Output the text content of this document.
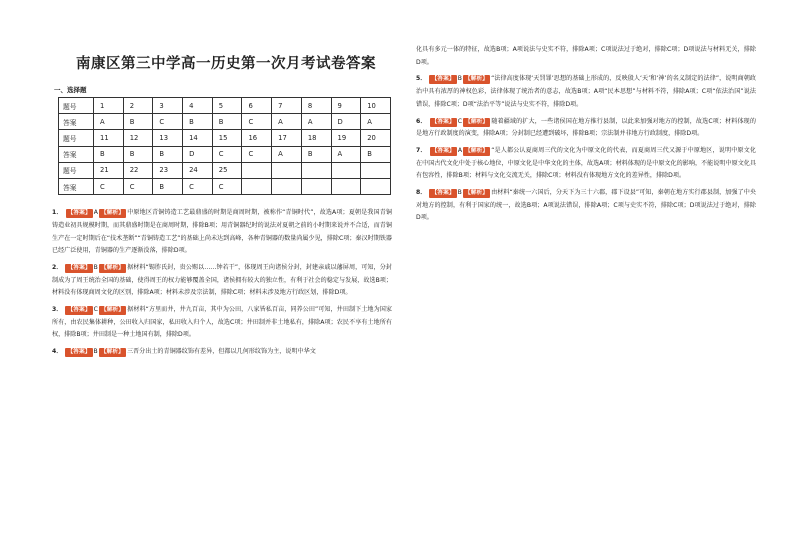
南康区第三中学高一历史第一次月考试卷答案
一、选择题
题号	1	2	3	4	5	6	7	8	9	10
答案	A	B	C	B	B	C	A	A	D	A
题号	11	12	13	14	15	16	17	18	19	20
答案	B	B	B	D	C	C	A	B	A	B
题号	21	22	23	24	25					
答案	C	C	B	C	C					
1． 【答案】 A 【解析】 中原地区青铜铸造工艺最鼎盛的时期是商周时期，被称作“青铜时代”，故选A项；夏朝是我国青铜铸造业初具规模时期，而其鼎盛时期是在商周时期，排除B项；用青铜器纪时的说法对夏朝之前的小时期来说并不合适，而青铜生产在一定时期后在“技术垄断”“青铜铸造工艺”的基础上尚未达到高峰，各种青铜器的数量尚属少见，排除C项；秦汉时期铁器已经广泛使用，青铜器的生产逐渐没落，排除D项。
2． 【答案】 B 【解析】 据材料“锡胙氏封，贵公赐以……钟若干”，体现周王向诸侯分封，封建亲戚以藩屏周，可知，分封制成为了周王统治全国的基础，使得周王的权力能够覆盖全国，诸侯拥有较大的独立性，有利于社会的稳定与发展，故选B项；材料没有体现商周文化的区别，排除A项；材料未涉及宗法制，排除C项；材料未涉及地方行政区划，排除D项。
3． 【答案】 C 【解析】 据材料“方里而井，井九百亩，其中为公田，八家皆私百亩，同养公田”可知，井田制下土地为国家所有，由农民集体耕种，公田收入归国家，私田收入归个人，故选C项；井田制并非土地私有，排除A项；农民不享有土地所有权，排除B项；井田制是一种土地国有制，排除D项。
4． 【答案】 B 【解析】 三晋分出土的青铜器纹饰有差异，但都以几何形纹饰为主，说明中华文
化具有多元一体的特征，故选B项；A项说法与史实不符，排除A项；C项说法过于绝对，排除C项；D项说法与材料无关，排除D项。
5． 【答案】 B 【解析】 “法律高度体现‘天罚罪’思想的基础上形成的，反映殷人‘天’和‘神’的名义制定的法律”，说明商朝政治中具有浓厚的神权色彩，法律体现了统治者的意志，故选B项；A项“民本思想”与材料不符，排除A项；C项“依法治国”说法错误，排除C项；D项“法治平等”说法与史实不符，排除D项。
6． 【答案】 C 【解析】 随着疆域的扩大，一些诸侯国在地方推行县制，以此来加强对地方的控制，故选C项；材料体现的是地方行政制度的演变，排除A项；分封制已经遭到破坏，排除B项；宗法制并非地方行政制度，排除D项。
7． 【答案】 A 【解析】 “是人都公认夏商周三代的文化为中原文化的代表，而夏商周三代又源于中原地区，说明中原文化在中国古代文化中处于核心地位，中原文化是中华文化的主体，故选A项；材料体现的是中原文化的影响，不能说明中原文化具有包容性，排除B项；材料与文化交流无关，排除C项；材料没有体现地方文化的差异性，排除D项。
8． 【答案】 B 【解析】 由材料“秦统一六国后，分天下为三十六郡，郡下设县”可知，秦朝在地方实行郡县制，加强了中央对地方的控制，有利于国家的统一，故选B项；A项说法错误，排除A项；C项与史实不符，排除C项；D项说法过于绝对，排除D项。
